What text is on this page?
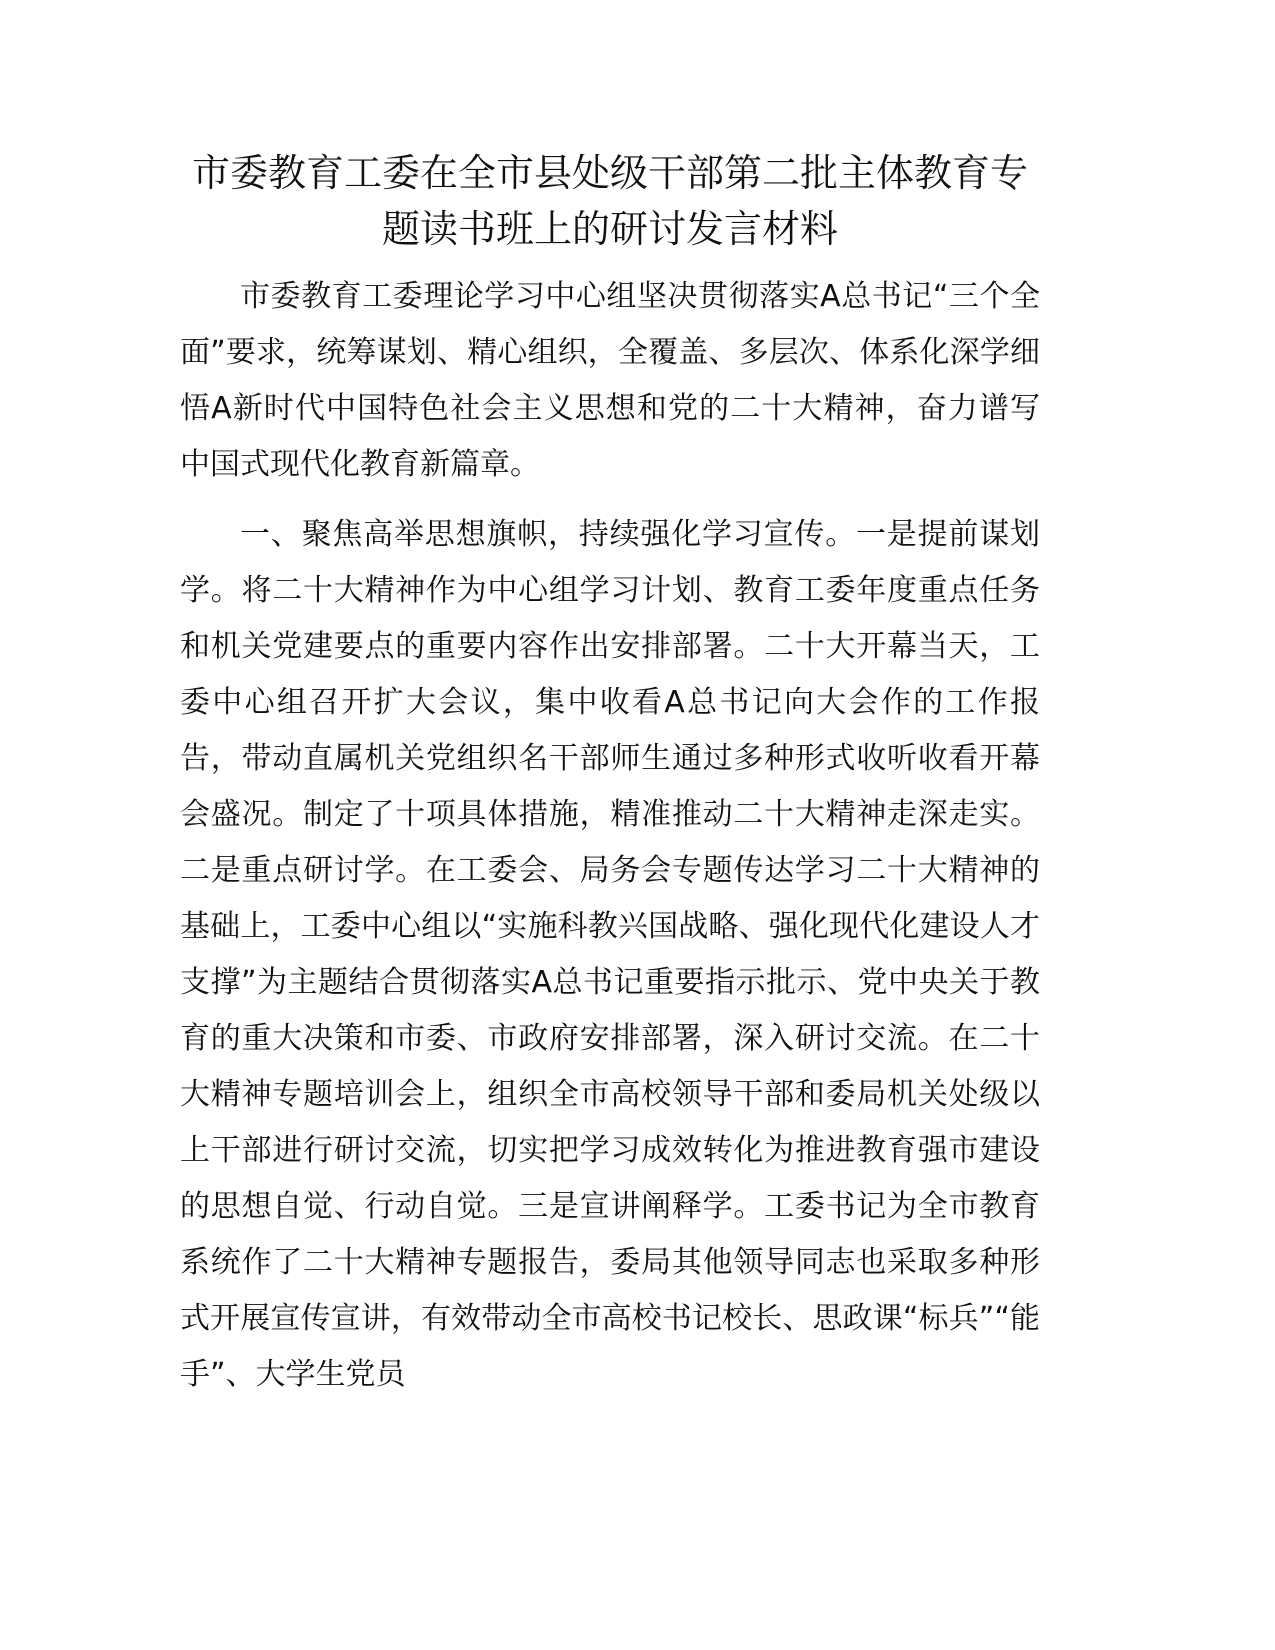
市委教育工委在全市县处级干部第二批主体教育专题读书班上的研讨发言材料

市委教育工委理论学习中心组坚决贯彻落实A总书记“三个全面”要求，统筹谋划、精心组织，全覆盖、多层次、体系化深学细悟A新时代中国特色社会主义思想和党的二十大精神，奋力谱写中国式现代化教育新篇章。

一、聚焦高举思想旗帜，持续强化学习宣传。一是提前谋划学。将二十大精神作为中心组学习计划、教育工委年度重点任务和机关党建要点的重要内容作出安排部署。二十大开幕当天，工委中心组召开扩大会议，集中收看A总书记向大会作的工作报告，带动直属机关党组织名干部师生通过多种形式收听收看开幕会盛况。制定了十项具体措施，精准推动二十大精神走深走实。二是重点研讨学。在工委会、局务会专题传达学习二十大精神的基础上，工委中心组以“实施科教兴国战略、强化现代化建设人才支撑”为主题结合贯彻落实A总书记重要指示批示、党中央关于教育的重大决策和市委、市政府安排部署，深入研讨交流。在二十大精神专题培训会上，组织全市高校领导干部和委局机关处级以上干部进行研讨交流，切实把学习成效转化为推进教育强市建设的思想自觉、行动自觉。三是宣讲阐释学。工委书记为全市教育系统作了二十大精神专题报告，委局其他领导同志也采取多种形式开展宣传宣讲，有效带动全市高校书记校长、思政课“标兵”“能手”、大学生党员
